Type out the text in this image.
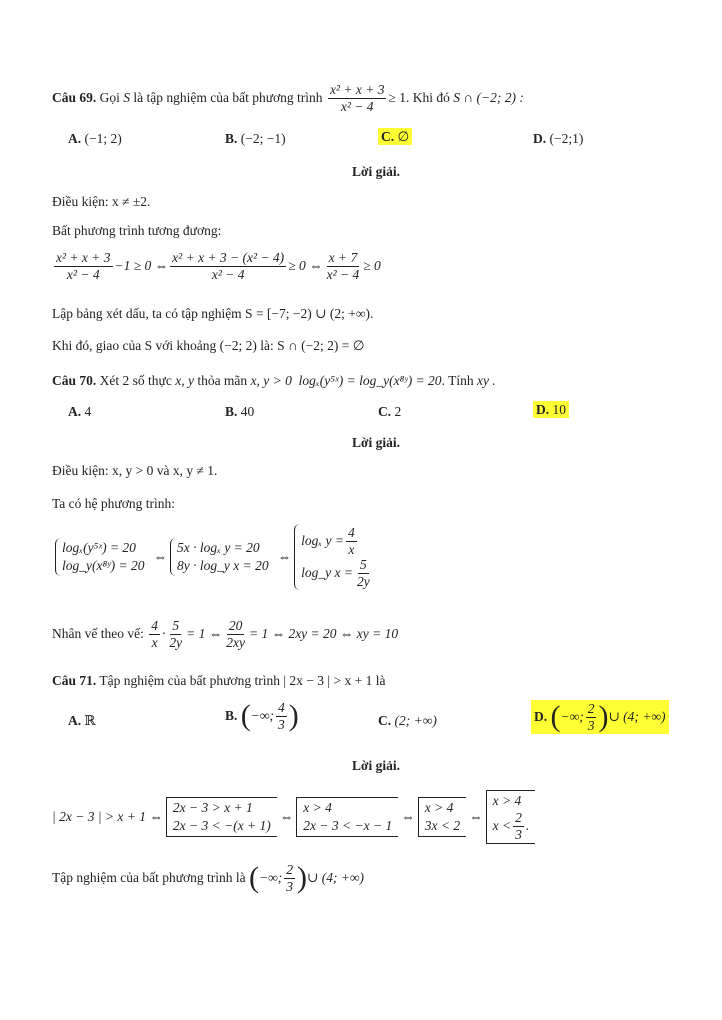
Câu 69.
Gọi
S
là tập nghiệm của bất phương trình
$\frac{\text{x² + x + 3}}{\text{x² − 4}} \ge 1$ . Khi đó
S ∩ (−2; 2) :
A. (−1; 2)	B. (−2; −1)	C. ∅	D. (−2;1)
Lời giải.
Điều kiện: x ≠ ±2.
Bất phương trình tương đương:
$\frac{\text{x² + x + 3}}{\text{x² − 4}} -1 \ge 0$ ⇔ $\frac{\text{x² + x + 3 − (x² − 4)}}{\text{x² − 4}} \ge 0$ ⇔ $\frac{x + 7}{\text{x² − 4}} \ge 0$
Lập bảng xét dấu, ta có tập nghiệm S = [−7; −2) ∪ (2; +∞).
Khi đó, giao của S với khoảng (−2; 2) là: S ∩ (−2; 2) = ∅
Câu 70. Xét 2 số thực x, y thỏa mãn x, y > 0 logₓ(y⁵ˣ) = log_y(x⁸ʸ) = 20. Tính xy .
A. 4	B. 40	C. 2	D. 10
Lời giải.
Điều kiện: x, y > 0 và x, y ≠ 1.
Ta có hệ phương trình:
logₓ(y⁵ˣ) = 20
log_y(x⁸ʸ) = 20
⇔
5x · logₓ y = 20
8y · log_y x = 20
⇔
logₓ $y = \frac{4}{x}$
log_y $x = \frac{5}{2y}$
Nhân vế theo vế:
$\frac{4}{x} \cdot \frac{5}{2y} = 1$ ⇔ $\frac{20}{2xy} = 1$ ⇔ 2xy = 20 ⇔ xy = 10
Câu 71. Tập nghiệm của bất phương trình | 2x − 3 | > x + 1 là
A. ℝ	B.
( −∞; $\frac{4}{3}$ )	C. (2; +∞)	D.
( −∞; $\frac{2}{3}$ ) ∪ (4; +∞)
Lời giải.
| 2x − 3 | > x + 1 ⇔
2x − 3 > x + 1
2x − 3 < −(x + 1)
⇔
x > 4
2x − 3 < −x − 1
⇔
x > 4
3x < 2
⇔
x > 4
$x < \frac{2}{3}$ .
Tập nghiệm của bất phương trình là
( −∞; $\frac{2}{3}$ ) ∪ (4; +∞)
